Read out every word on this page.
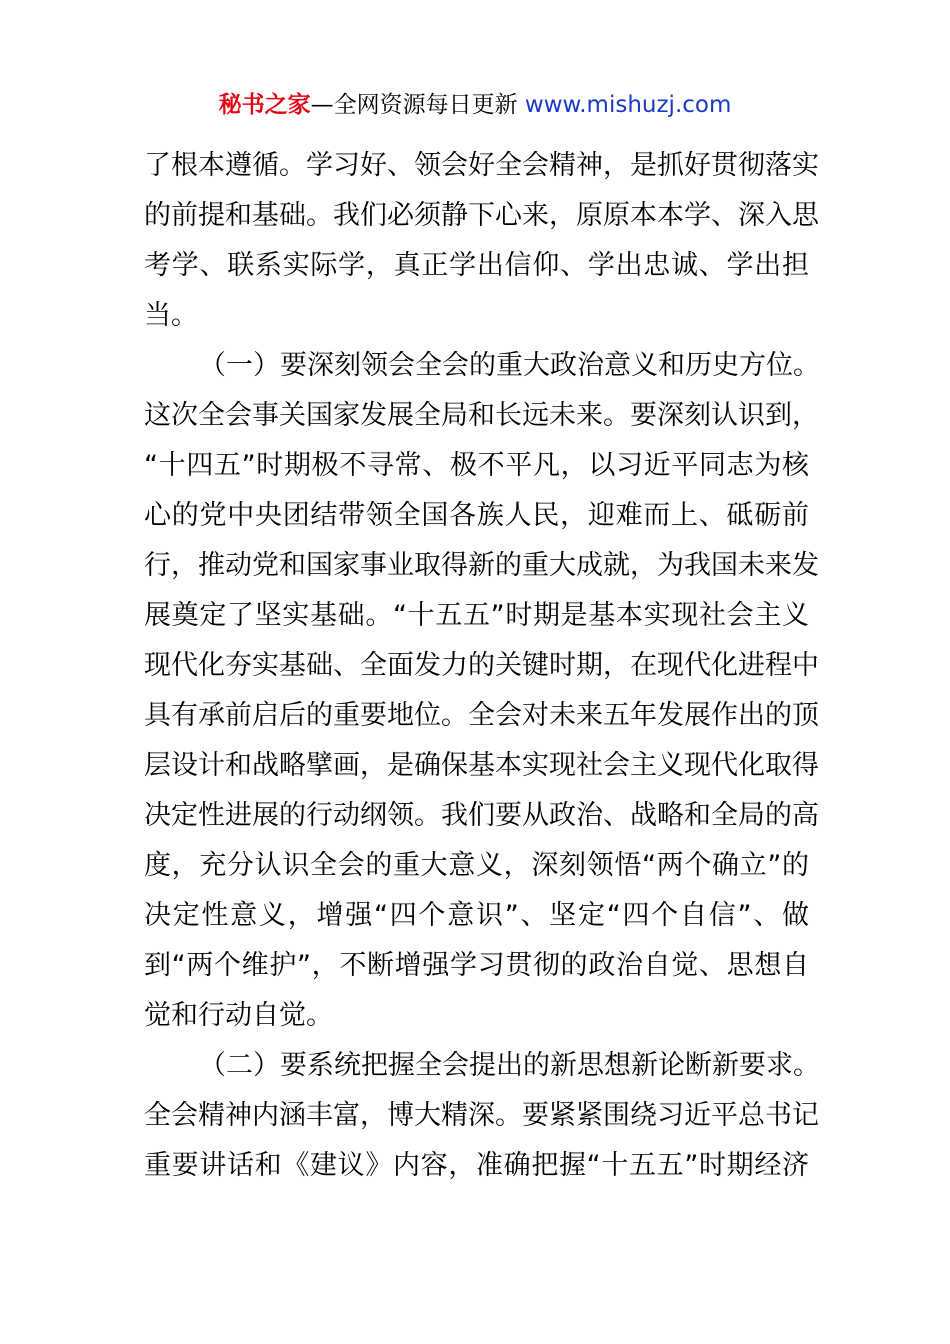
秘书之家—全网资源每日更新 www.mishuzj.com
了根本遵循。学习好、领会好全会精神，是抓好贯彻落实
的前提和基础。我们必须静下心来，原原本本学、深入思
考学、联系实际学，真正学出信仰、学出忠诚、学出担
当。
（一）要深刻领会全会的重大政治意义和历史方位。
这次全会事关国家发展全局和长远未来。要深刻认识到，
“十四五”时期极不寻常、极不平凡，以习近平同志为核
心的党中央团结带领全国各族人民，迎难而上、砥砺前
行，推动党和国家事业取得新的重大成就，为我国未来发
展奠定了坚实基础。“十五五”时期是基本实现社会主义
现代化夯实基础、全面发力的关键时期，在现代化进程中
具有承前启后的重要地位。全会对未来五年发展作出的顶
层设计和战略擘画，是确保基本实现社会主义现代化取得
决定性进展的行动纲领。我们要从政治、战略和全局的高
度，充分认识全会的重大意义，深刻领悟“两个确立”的
决定性意义，增强“四个意识”、坚定“四个自信”、做
到“两个维护”，不断增强学习贯彻的政治自觉、思想自
觉和行动自觉。
（二）要系统把握全会提出的新思想新论断新要求。
全会精神内涵丰富，博大精深。要紧紧围绕习近平总书记
重要讲话和《建议》内容，准确把握“十五五”时期经济
